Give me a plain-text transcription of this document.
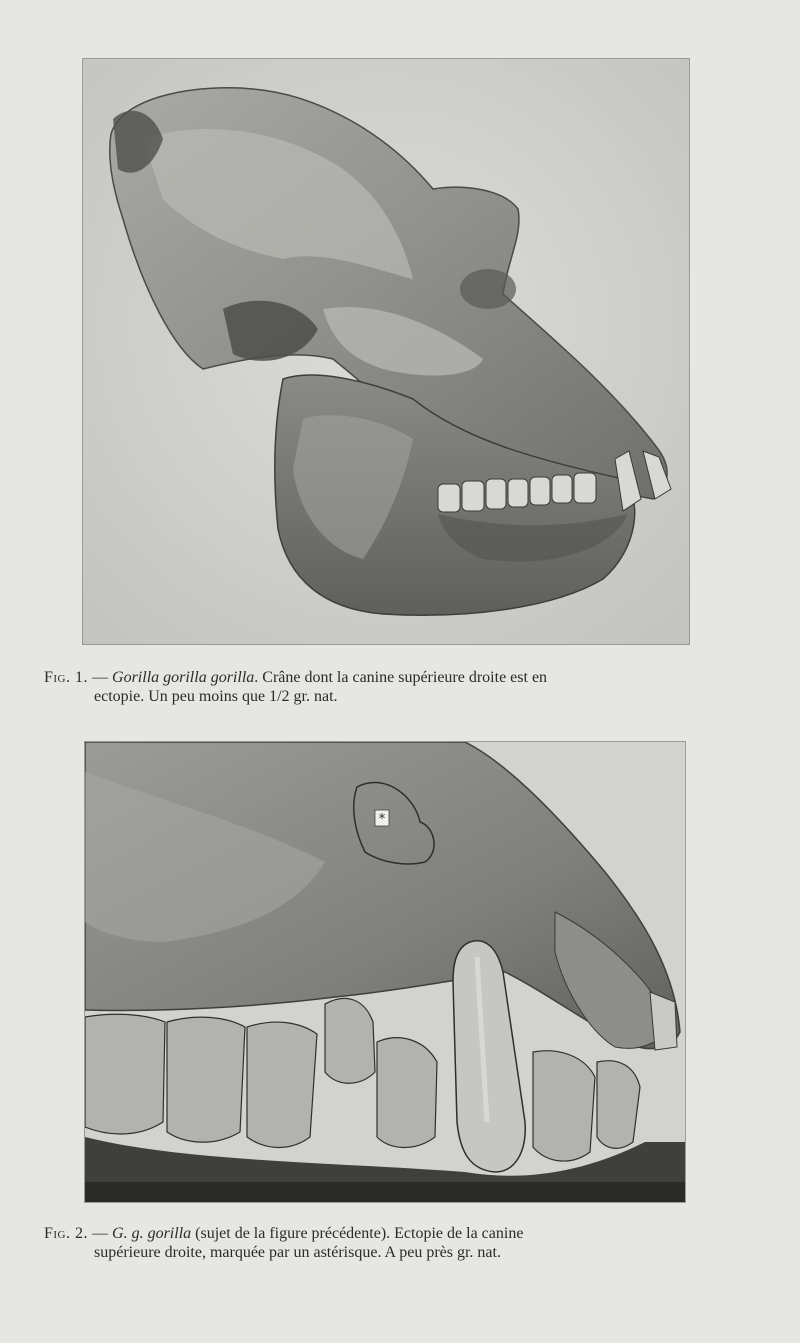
Fig. 1. — Gorilla gorilla gorilla. Crâne dont la canine supérieure droite est en
ectopie. Un peu moins que 1/2 gr. nat.
*
Fig. 2. — G. g. gorilla (sujet de la figure précédente). Ectopie de la canine
supérieure droite, marquée par un astérisque. A peu près gr. nat.
